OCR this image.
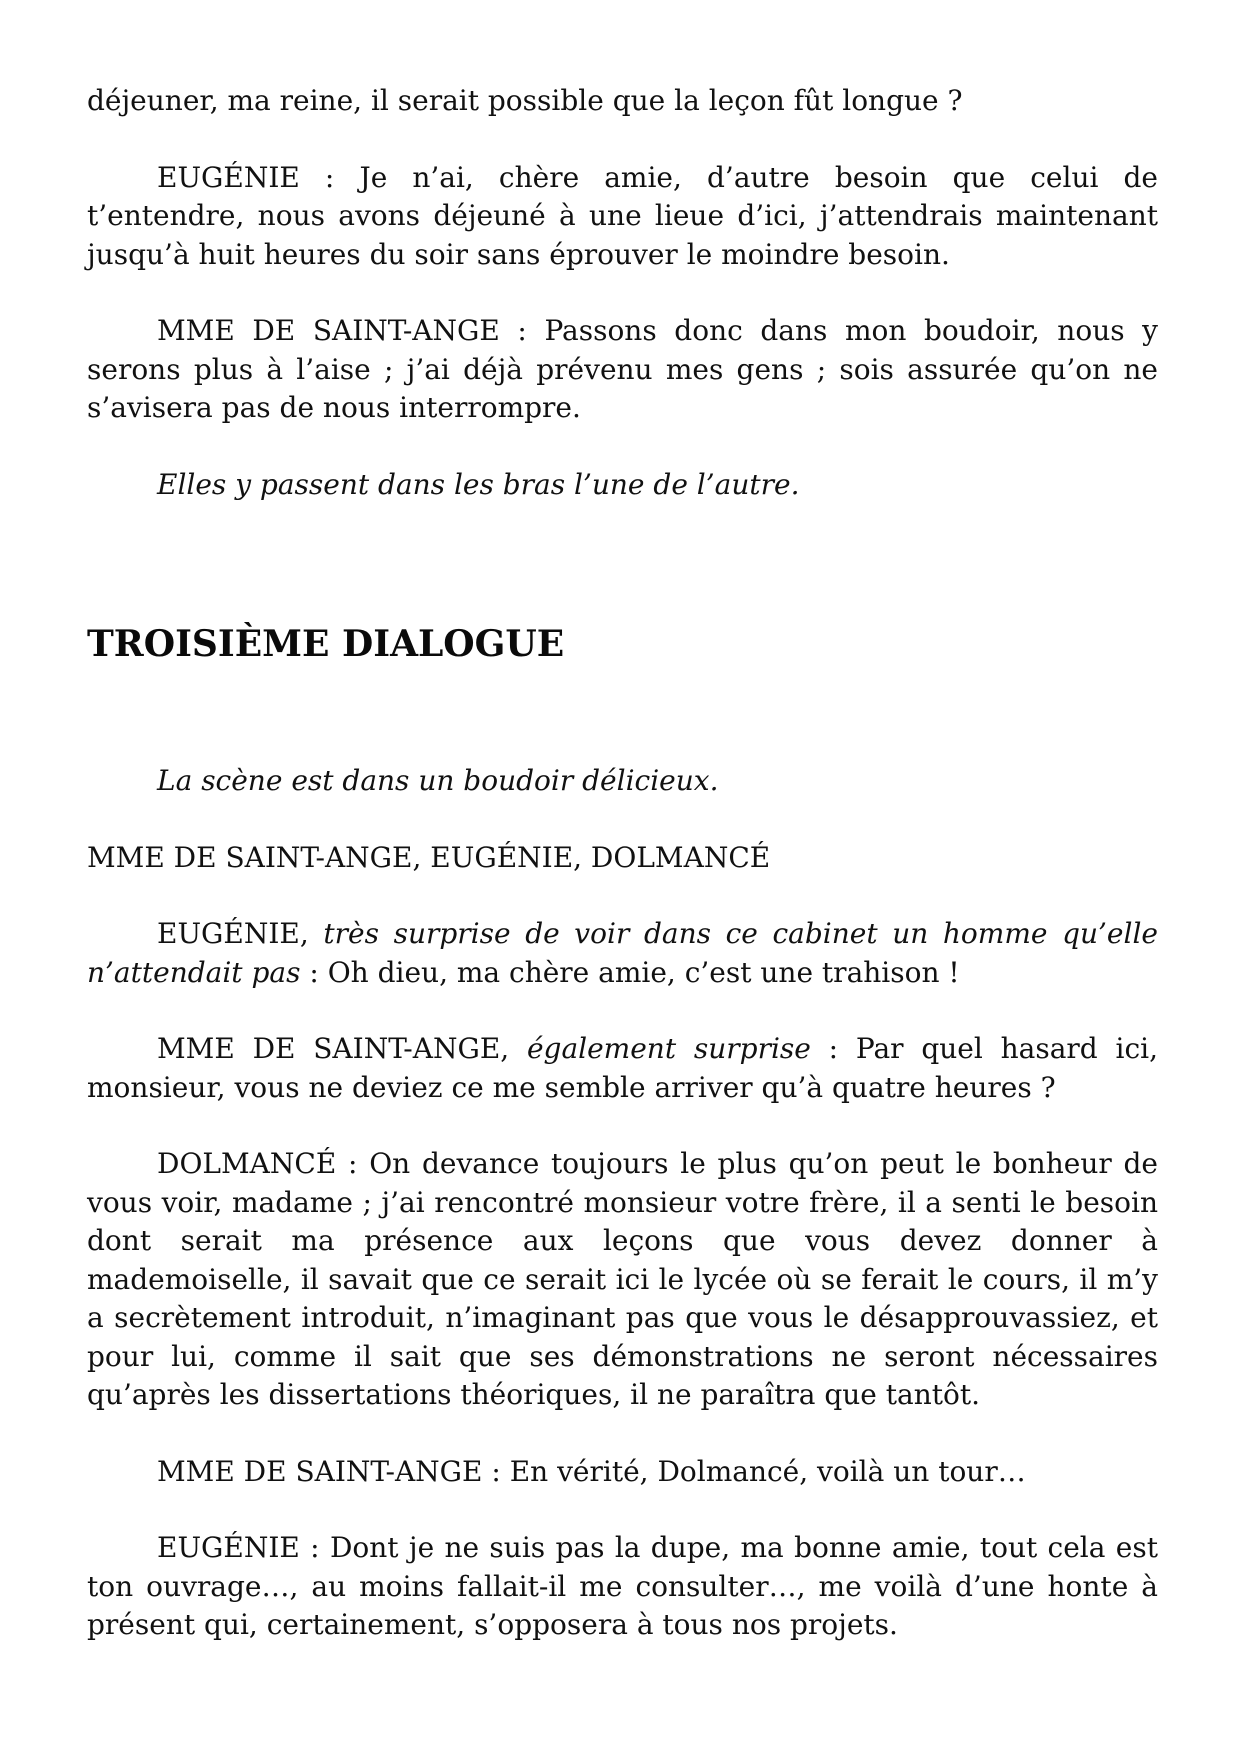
déjeuner, ma reine, il serait possible que la leçon fût longue ?

EUGÉNIE : Je n’ai, chère amie, d’autre besoin que celui de t’entendre, nous avons déjeuné à une lieue d’ici, j’attendrais maintenant jusqu’à huit heures du soir sans éprouver le moindre besoin.

MME DE SAINT-ANGE : Passons donc dans mon boudoir, nous y serons plus à l’aise ; j’ai déjà prévenu mes gens ; sois assurée qu’on ne s’avisera pas de nous interrompre.

Elles y passent dans les bras l’une de l’autre.

TROISIÈME DIALOGUE

La scène est dans un boudoir délicieux.

MME DE SAINT-ANGE, EUGÉNIE, DOLMANCÉ

EUGÉNIE, très surprise de voir dans ce cabinet un homme qu’elle n’attendait pas : Oh dieu, ma chère amie, c’est une trahison !

MME DE SAINT-ANGE, également surprise : Par quel hasard ici, monsieur, vous ne deviez ce me semble arriver qu’à quatre heures ?

DOLMANCÉ : On devance toujours le plus qu’on peut le bonheur de vous voir, madame ; j’ai rencontré monsieur votre frère, il a senti le besoin dont serait ma présence aux leçons que vous devez donner à mademoiselle, il savait que ce serait ici le lycée où se ferait le cours, il m’y a secrètement introduit, n’imaginant pas que vous le désapprouvassiez, et pour lui, comme il sait que ses démonstrations ne seront nécessaires qu’après les dissertations théoriques, il ne paraîtra que tantôt.

MME DE SAINT-ANGE : En vérité, Dolmancé, voilà un tour…

EUGÉNIE : Dont je ne suis pas la dupe, ma bonne amie, tout cela est ton ouvrage…, au moins fallait-il me consulter…, me voilà d’une honte à présent qui, certainement, s’opposera à tous nos projets.
